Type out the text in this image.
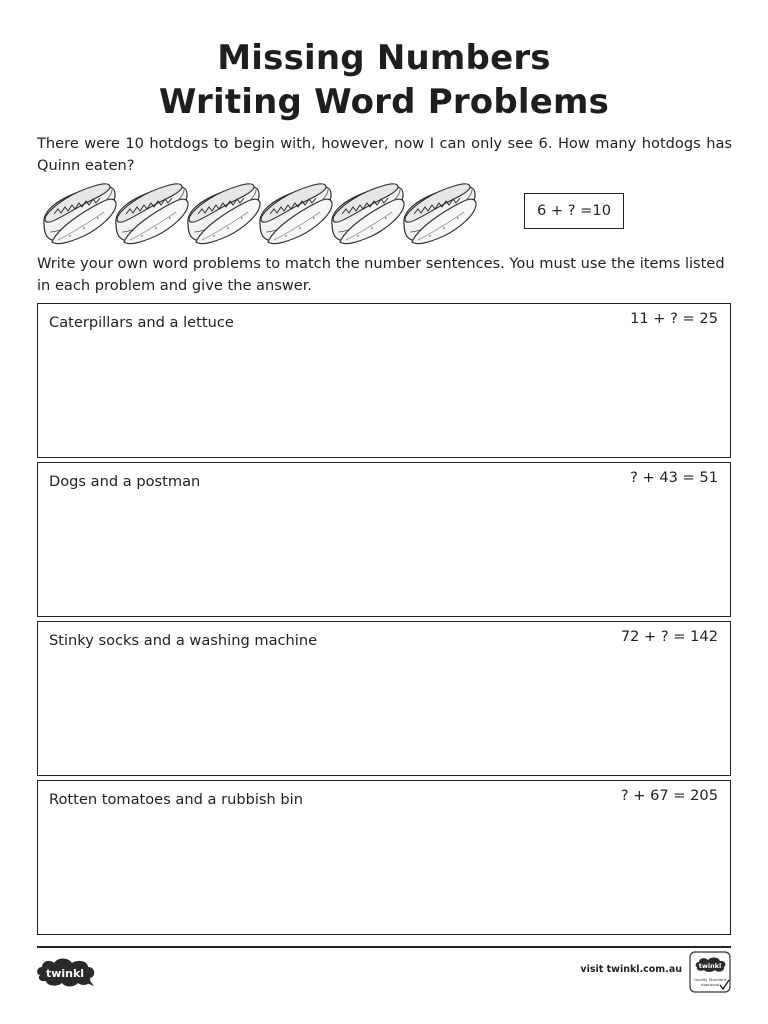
Missing Numbers
Writing Word Problems
There were 10 hotdogs to begin with, however, now I can only see 6. How many hotdogs has Quinn eaten?
6 + ? =10
Write your own word problems to match the number sentences. You must use the items listed in each problem and give the answer.
Caterpillars and a lettuce	11 + ? = 25
Dogs and a postman	? + 43 = 51
Stinky socks and a washing machine	72 + ? = 142
Rotten tomatoes and a rubbish bin	? + 67 = 205
twinkl	visit twinkl.com.au	twinkl
Quality Standard
Approved
